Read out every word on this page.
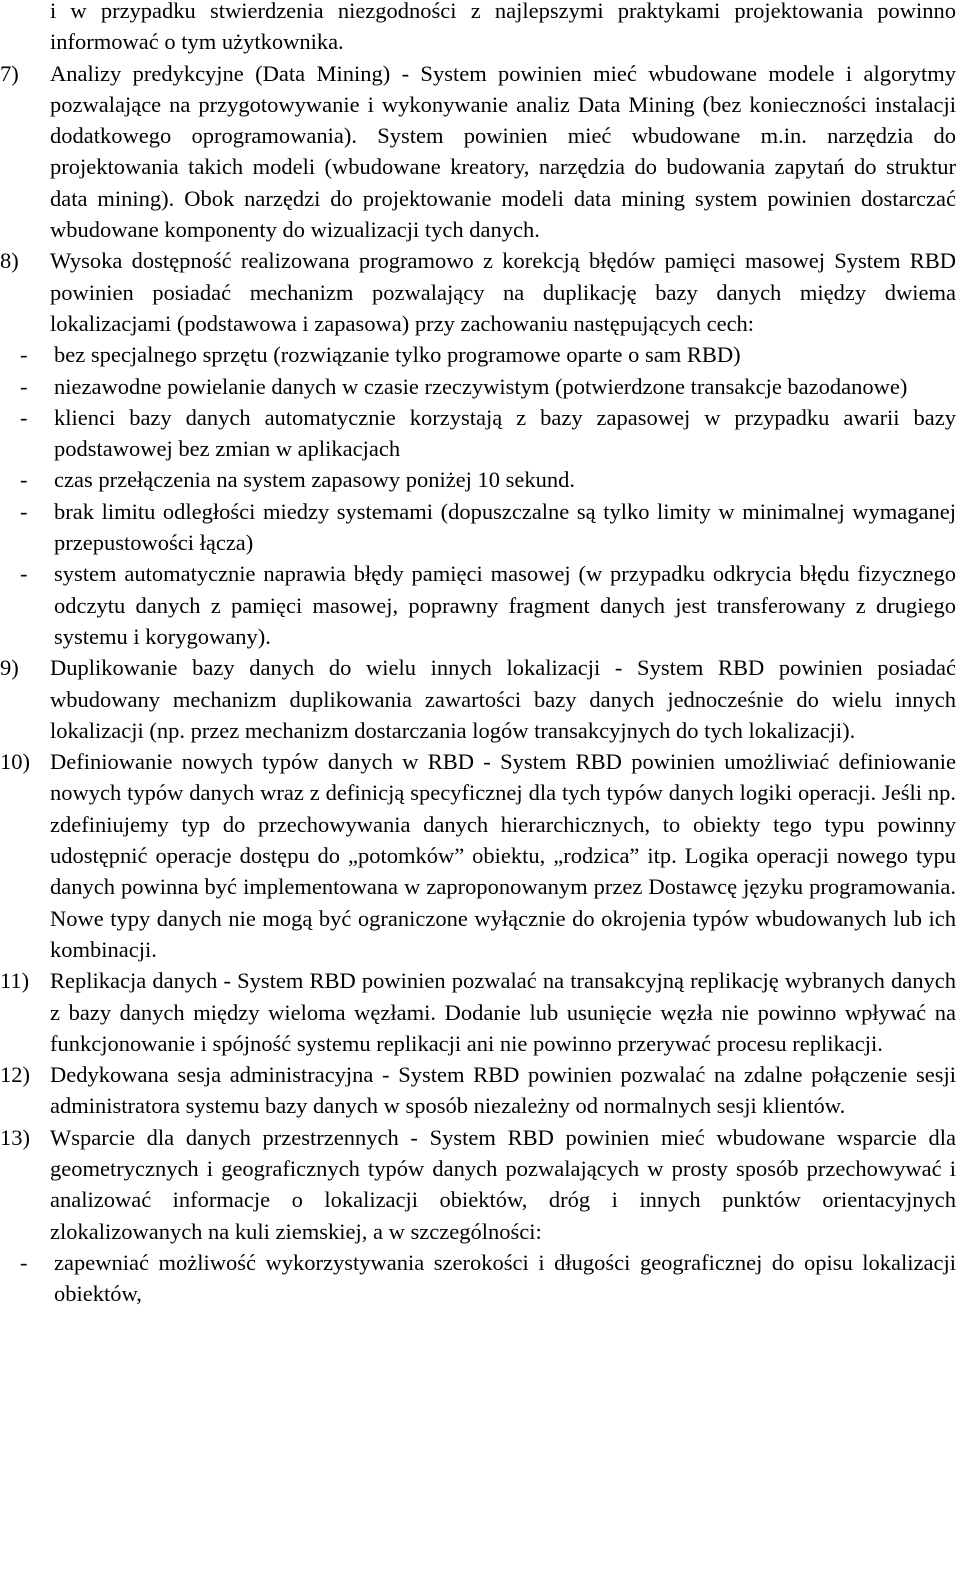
i w przypadku stwierdzenia niezgodności z najlepszymi praktykami projektowania powinno informować o tym użytkownika.

7)	Analizy predykcyjne (Data Mining) - System powinien mieć wbudowane modele i algorytmy pozwalające na przygotowywanie i wykonywanie analiz Data Mining (bez konieczności instalacji dodatkowego oprogramowania). System powinien mieć wbudowane m.in. narzędzia do projektowania takich modeli (wbudowane kreatory, narzędzia do budowania zapytań do struktur data mining). Obok narzędzi do projektowanie modeli data mining system powinien dostarczać wbudowane komponenty do wizualizacji tych danych.

8)	Wysoka dostępność realizowana programowo z korekcją błędów pamięci masowej System RBD powinien posiadać mechanizm pozwalający na duplikację bazy danych między dwiema lokalizacjami (podstawowa i zapasowa) przy zachowaniu następujących cech:

-	bez specjalnego sprzętu (rozwiązanie tylko programowe oparte o sam RBD)
-	niezawodne powielanie danych w czasie rzeczywistym (potwierdzone transakcje bazodanowe)
-	klienci bazy danych automatycznie korzystają z bazy zapasowej w przypadku awarii bazy podstawowej bez zmian w aplikacjach
-	czas przełączenia na system zapasowy poniżej 10 sekund.
-	brak limitu odległości miedzy systemami (dopuszczalne są tylko limity w minimalnej wymaganej przepustowości łącza)
-	system automatycznie naprawia błędy pamięci masowej (w przypadku odkrycia błędu fizycznego odczytu danych z pamięci masowej, poprawny fragment danych jest transferowany z drugiego systemu i korygowany).
9)	Duplikowanie bazy danych do wielu innych lokalizacji - System RBD powinien posiadać wbudowany mechanizm duplikowania zawartości bazy danych jednocześnie do wielu innych lokalizacji (np. przez mechanizm dostarczania logów transakcyjnych do tych lokalizacji).

10) Definiowanie nowych typów danych w RBD - System RBD powinien umożliwiać definiowanie nowych typów danych wraz z definicją specyficznej dla tych typów danych logiki operacji. Jeśli np. zdefiniujemy typ do przechowywania danych hierarchicznych, to obiekty tego typu powinny udostępnić operacje dostępu do „potomków” obiektu, „rodzica” itp. Logika operacji nowego typu danych powinna być implementowana w zaproponowanym przez Dostawcę języku programowania. Nowe typy danych nie mogą być ograniczone wyłącznie do okrojenia typów wbudowanych lub ich kombinacji.

11) Replikacja danych - System RBD powinien pozwalać na transakcyjną replikację wybranych danych z bazy danych między wieloma węzłami. Dodanie lub usunięcie węzła nie powinno wpływać na funkcjonowanie i spójność systemu replikacji ani nie powinno przerywać procesu replikacji.

12) Dedykowana sesja administracyjna - System RBD powinien pozwalać na zdalne połączenie sesji administratora systemu bazy danych w sposób niezależny od normalnych sesji klientów.

13) Wsparcie dla danych przestrzennych - System RBD powinien mieć wbudowane wsparcie dla geometrycznych i geograficznych typów danych pozwalających w prosty sposób przechowywać i analizować informacje o lokalizacji obiektów, dróg i innych punktów orientacyjnych zlokalizowanych na kuli ziemskiej, a w szczególności:

-	zapewniać możliwość wykorzystywania szerokości i długości geograficznej do opisu lokalizacji obiektów,
